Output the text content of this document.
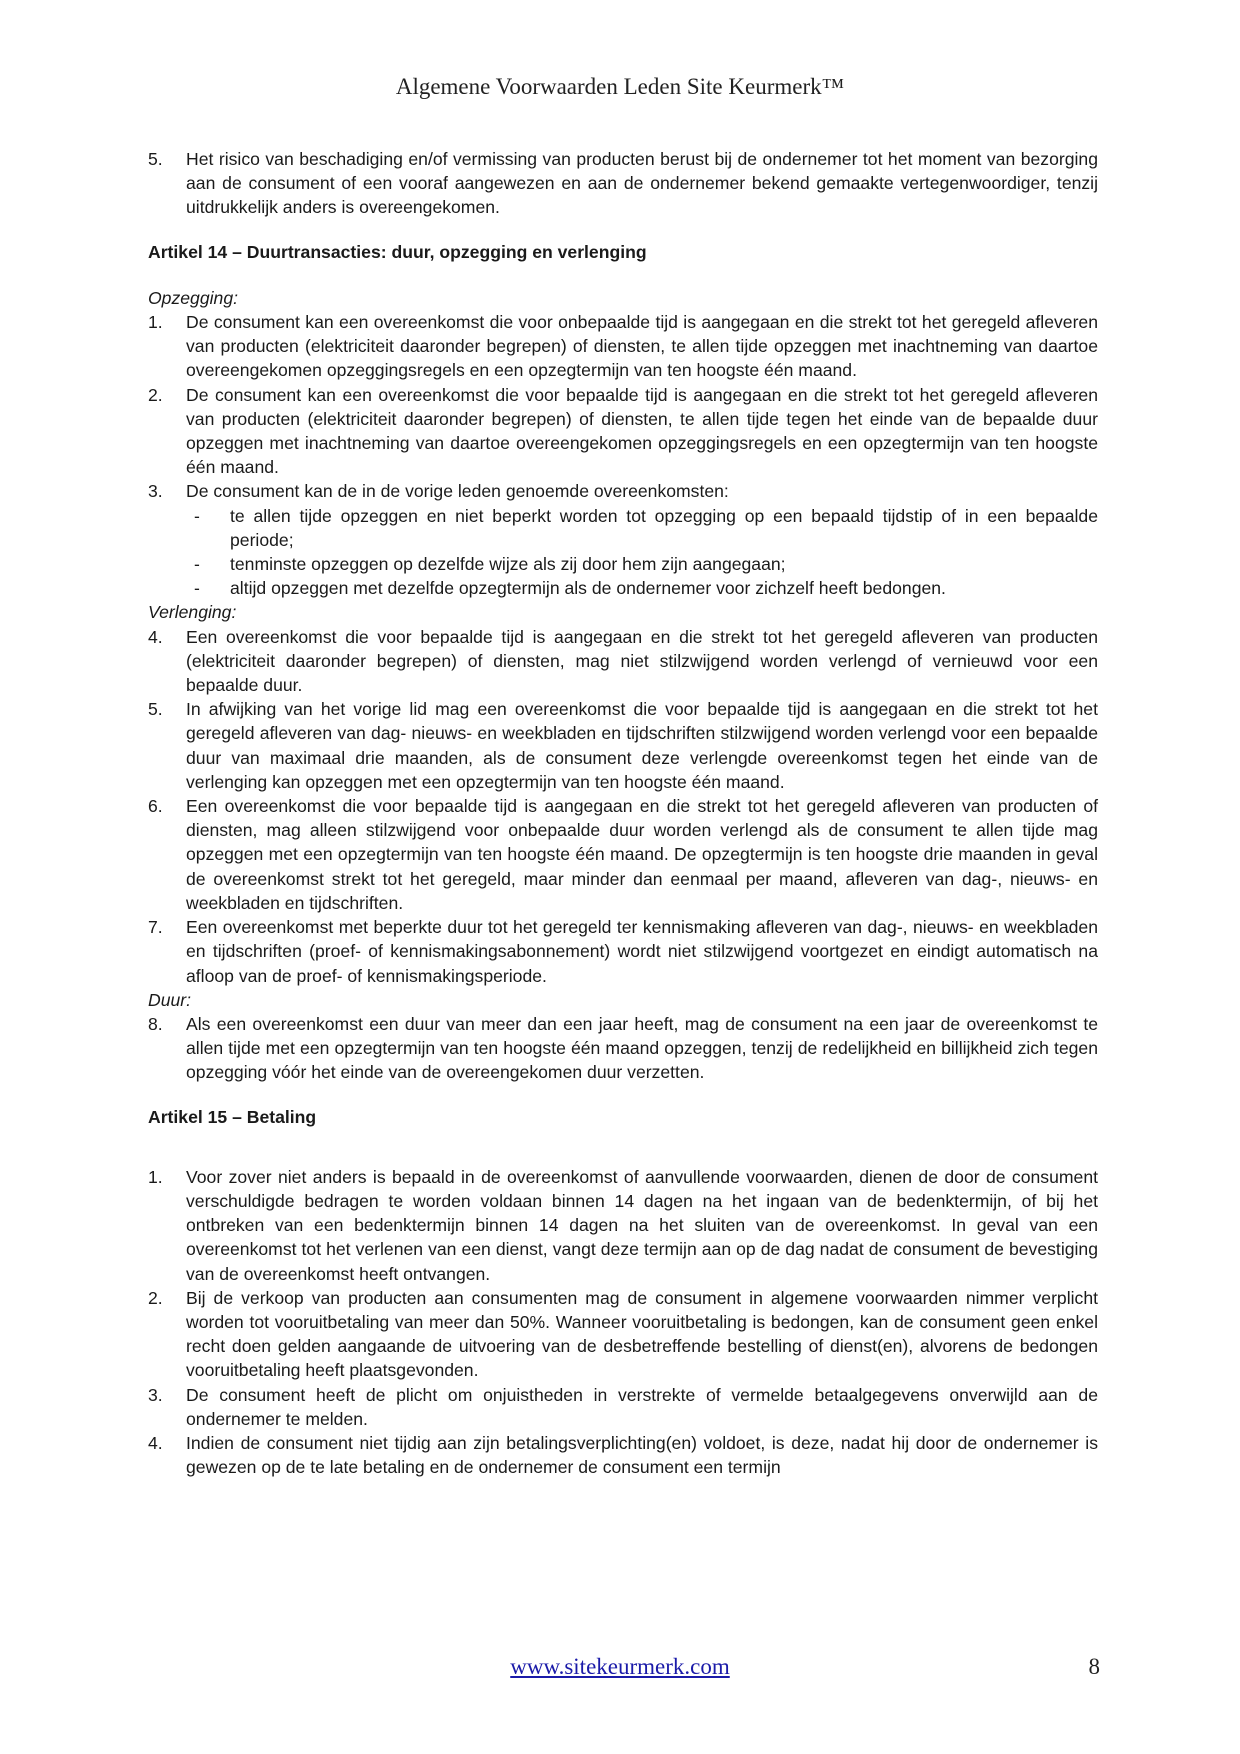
Algemene Voorwaarden Leden Site Keurmerk™
5. Het risico van beschadiging en/of vermissing van producten berust bij de ondernemer tot het moment van bezorging aan de consument of een vooraf aangewezen en aan de ondernemer bekend gemaakte vertegenwoordiger, tenzij uitdrukkelijk anders is overeengekomen.
Artikel 14 – Duurtransacties: duur, opzegging en verlenging
Opzegging:
1. De consument kan een overeenkomst die voor onbepaalde tijd is aangegaan en die strekt tot het geregeld afleveren van producten (elektriciteit daaronder begrepen) of diensten, te allen tijde opzeggen met inachtneming van daartoe overeengekomen opzeggingsregels en een opzegtermijn van ten hoogste één maand.
2. De consument kan een overeenkomst die voor bepaalde tijd is aangegaan en die strekt tot het geregeld afleveren van producten (elektriciteit daaronder begrepen) of diensten, te allen tijde tegen het einde van de bepaalde duur opzeggen met inachtneming van daartoe overeengekomen opzeggingsregels en een opzegtermijn van ten hoogste één maand.
3. De consument kan de in de vorige leden genoemde overeenkomsten:
- te allen tijde opzeggen en niet beperkt worden tot opzegging op een bepaald tijdstip of in een bepaalde periode;
- tenminste opzeggen op dezelfde wijze als zij door hem zijn aangegaan;
- altijd opzeggen met dezelfde opzegtermijn als de ondernemer voor zichzelf heeft bedongen.
Verlenging:
4. Een overeenkomst die voor bepaalde tijd is aangegaan en die strekt tot het geregeld afleveren van producten (elektriciteit daaronder begrepen) of diensten, mag niet stilzwijgend worden verlengd of vernieuwd voor een bepaalde duur.
5. In afwijking van het vorige lid mag een overeenkomst die voor bepaalde tijd is aangegaan en die strekt tot het geregeld afleveren van dag- nieuws- en weekbladen en tijdschriften stilzwijgend worden verlengd voor een bepaalde duur van maximaal drie maanden, als de consument deze verlengde overeenkomst tegen het einde van de verlenging kan opzeggen met een opzegtermijn van ten hoogste één maand.
6. Een overeenkomst die voor bepaalde tijd is aangegaan en die strekt tot het geregeld afleveren van producten of diensten, mag alleen stilzwijgend voor onbepaalde duur worden verlengd als de consument te allen tijde mag opzeggen met een opzegtermijn van ten hoogste één maand. De opzegtermijn is ten hoogste drie maanden in geval de overeenkomst strekt tot het geregeld, maar minder dan eenmaal per maand, afleveren van dag-, nieuws- en weekbladen en tijdschriften.
7. Een overeenkomst met beperkte duur tot het geregeld ter kennismaking afleveren van dag-, nieuws- en weekbladen en tijdschriften (proef- of kennismakingsabonnement) wordt niet stilzwijgend voortgezet en eindigt automatisch na afloop van de proef- of kennismakingsperiode.
Duur:
8. Als een overeenkomst een duur van meer dan een jaar heeft, mag de consument na een jaar de overeenkomst te allen tijde met een opzegtermijn van ten hoogste één maand opzeggen, tenzij de redelijkheid en billijkheid zich tegen opzegging vóór het einde van de overeengekomen duur verzetten.
Artikel 15 – Betaling
1. Voor zover niet anders is bepaald in de overeenkomst of aanvullende voorwaarden, dienen de door de consument verschuldigde bedragen te worden voldaan binnen 14 dagen na het ingaan van de bedenktermijn, of bij het ontbreken van een bedenktermijn binnen 14 dagen na het sluiten van de overeenkomst. In geval van een overeenkomst tot het verlenen van een dienst, vangt deze termijn aan op de dag nadat de consument de bevestiging van de overeenkomst heeft ontvangen.
2. Bij de verkoop van producten aan consumenten mag de consument in algemene voorwaarden nimmer verplicht worden tot vooruitbetaling van meer dan 50%. Wanneer vooruitbetaling is bedongen, kan de consument geen enkel recht doen gelden aangaande de uitvoering van de desbetreffende bestelling of dienst(en), alvorens de bedongen vooruitbetaling heeft plaatsgevonden.
3. De consument heeft de plicht om onjuistheden in verstrekte of vermelde betaalgegevens onverwijld aan de ondernemer te melden.
4. Indien de consument niet tijdig aan zijn betalingsverplichting(en) voldoet, is deze, nadat hij door de ondernemer is gewezen op de te late betaling en de ondernemer de consument een termijn
www.sitekeurmerk.com	8
